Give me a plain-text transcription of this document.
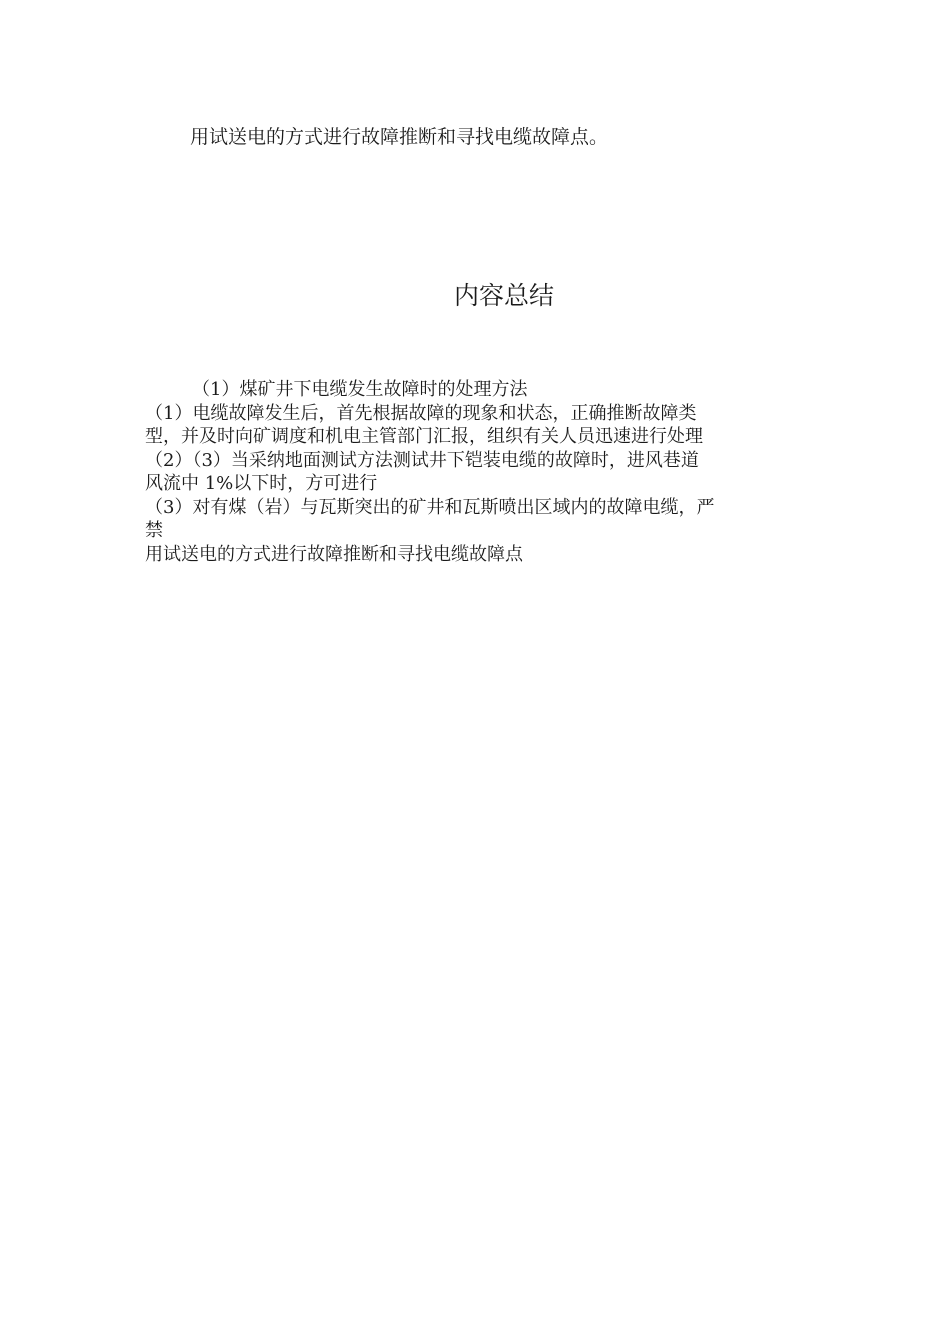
用试送电的方式进行故障推断和寻找电缆故障点。
内容总结
（1）煤矿井下电缆发生故障时的处理方法
（1）电缆故障发生后，首先根据故障的现象和状态，正确推断故障类
型，并及时向矿调度和机电主管部门汇报，组织有关人员迅速进行处理
（2）（3）当采纳地面测试方法测试井下铠装电缆的故障时，进风巷道
风流中 1%以下时，方可进行
（3）对有煤（岩）与瓦斯突出的矿井和瓦斯喷出区域内的故障电缆，严
禁
用试送电的方式进行故障推断和寻找电缆故障点
